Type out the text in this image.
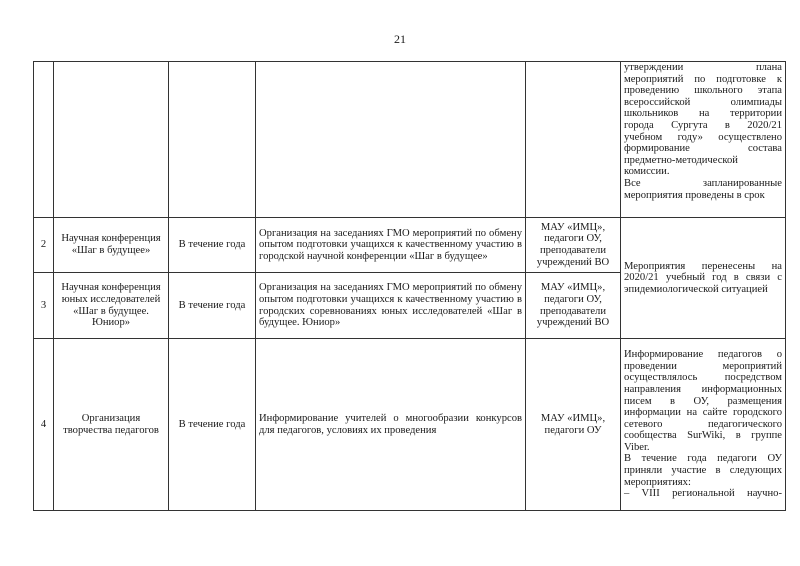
21

утверждении плана
мероприятий по подготовке к
проведению школьного этапа
всероссийской олимпиады
школьников на территории
города Сургута в 2020/21
учебном году» осуществлено
формирование состава
предметно-методической
комиссии.
Все запланированные
мероприятия проведены в срок

2	Научная конференция «Шаг в будущее»	В течение года	Организация на заседаниях ГМО мероприятий по обмену опытом подготовки учащихся к качественному участию в городской научной конференции «Шаг в будущее»	МАУ «ИМЦ», педагоги ОУ, преподаватели учреждений ВО	Мероприятия перенесены на 2020/21 учебный год в связи с эпидемиологической ситуацией
3	Научная конференция юных исследователей «Шаг в будущее. Юниор»	В течение года	Организация на заседаниях ГМО мероприятий по обмену опытом подготовки учащихся к качественному участию в городских соревнованиях юных исследователей «Шаг в будущее. Юниор»	МАУ «ИМЦ», педагоги ОУ, преподаватели учреждений ВО	
4	Организация творчества педагогов	В течение года	Информирование учителей о многообразии конкурсов для педагогов, условиях их проведения	МАУ «ИМЦ», педагоги ОУ	Информирование педагогов о проведении мероприятий осуществлялось посредством направления информационных писем в ОУ, размещения информации на сайте городского сетевого педагогического сообщества SurWiki, в группе Viber.
В течение года педагоги ОУ приняли участие в следующих мероприятиях:
– VIII региональной научно-
